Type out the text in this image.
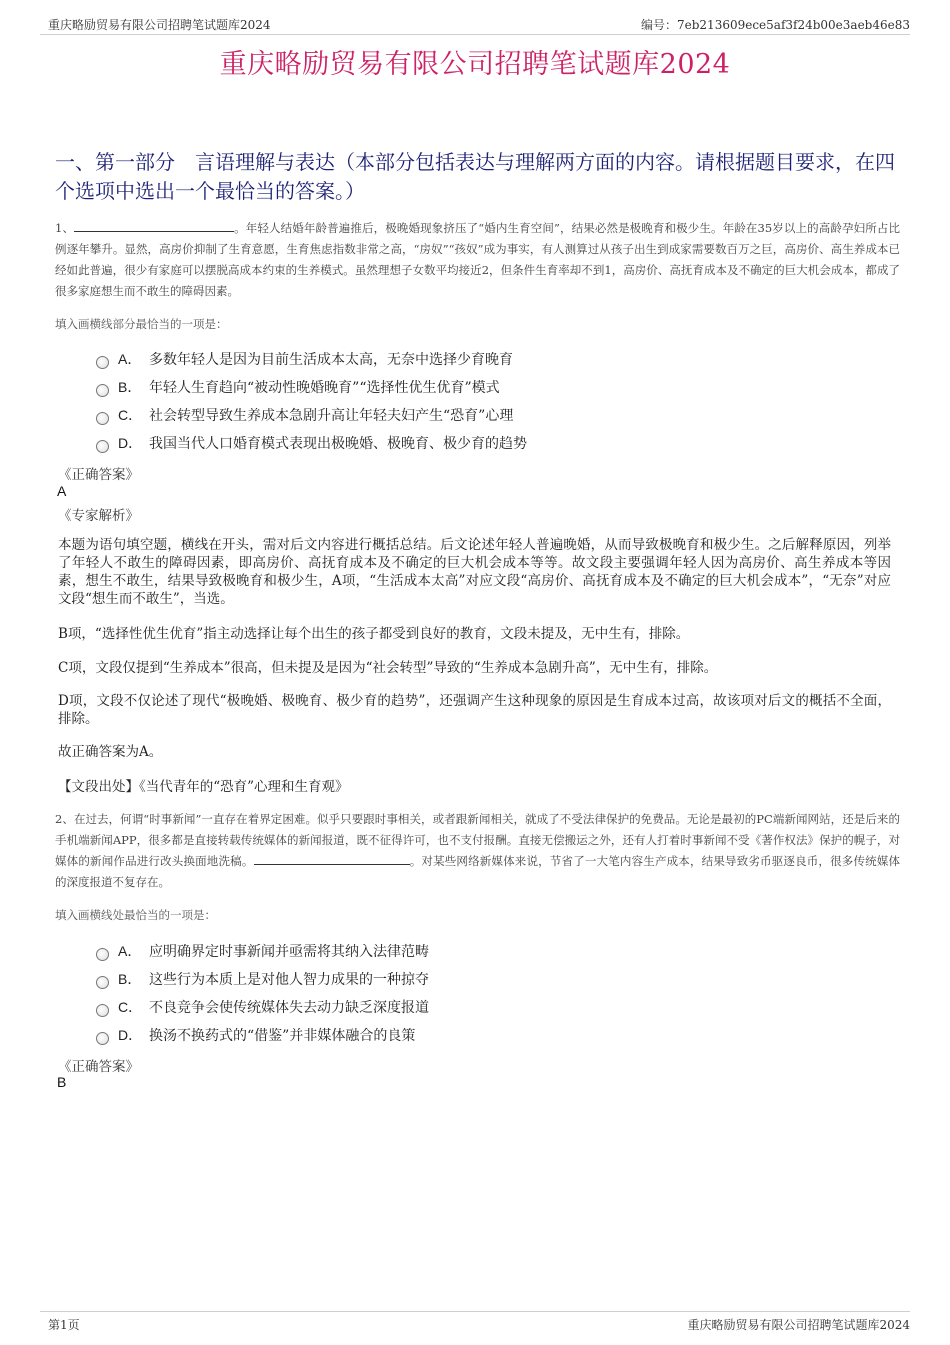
重庆略励贸易有限公司招聘笔试题库2024	编号：7eb213609ece5af3f24b00e3aeb46e83
重庆略励贸易有限公司招聘笔试题库2024
一、第一部分　言语理解与表达（本部分包括表达与理解两方面的内容。请根据题目要求，在四个选项中选出一个最恰当的答案。）
1、	。年轻人结婚年龄普遍推后，极晚婚现象挤压了“婚内生育空间”，结果必然是极晚育和极少生。年龄在35岁以上的高龄孕妇所占比例逐年攀升。显然，高房价抑制了生育意愿，生育焦虑指数非常之高，“房奴”“孩奴”成为事实，有人测算过从孩子出生到成家需要数百万之巨，高房价、高生养成本已经如此普遍，很少有家庭可以摆脱高成本约束的生养模式。虽然理想子女数平均接近2，但条件生育率却不到1，高房价、高抚育成本及不确定的巨大机会成本，都成了很多家庭想生而不敢生的障碍因素。
填入画横线部分最恰当的一项是：
A． 多数年轻人是因为目前生活成本太高，无奈中选择少育晚育
B． 年轻人生育趋向“被动性晚婚晚育”“选择性优生优育”模式
C． 社会转型导致生养成本急剧升高让年轻夫妇产生“恐育”心理
D． 我国当代人口婚育模式表现出极晚婚、极晚育、极少育的趋势
《正确答案》
A
《专家解析》
本题为语句填空题，横线在开头，需对后文内容进行概括总结。后文论述年轻人普遍晚婚，从而导致极晚育和极少生。之后解释原因，列举了年轻人不敢生的障碍因素，即高房价、高抚育成本及不确定的巨大机会成本等等。故文段主要强调年轻人因为高房价、高生养成本等因素，想生不敢生，结果导致极晚育和极少生，A项，“生活成本太高”对应文段“高房价、高抚育成本及不确定的巨大机会成本”，“无奈”对应文段“想生而不敢生”，当选。
B项，“选择性优生优育”指主动选择让每个出生的孩子都受到良好的教育，文段未提及，无中生有，排除。
C项，文段仅提到“生养成本”很高，但未提及是因为“社会转型”导致的“生养成本急剧升高”，无中生有，排除。
D项，文段不仅论述了现代“极晚婚、极晚育、极少育的趋势”，还强调产生这种现象的原因是生育成本过高，故该项对后文的概括不全面，排除。
故正确答案为A。
【文段出处】《当代青年的“恐育”心理和生育观》
2、在过去，何谓“时事新闻”一直存在着界定困难。似乎只要跟时事相关，或者跟新闻相关，就成了不受法律保护的免费品。无论是最初的PC端新闻网站，还是后来的手机端新闻APP，很多都是直接转载传统媒体的新闻报道，既不征得许可，也不支付报酬。直接无偿搬运之外，还有人打着时事新闻不受《著作权法》保护的幌子，对媒体的新闻作品进行改头换面地洗稿。	。对某些网络新媒体来说，节省了一大笔内容生产成本，结果导致劣币驱逐良币，很多传统媒体的深度报道不复存在。
填入画横线处最恰当的一项是：
A． 应明确界定时事新闻并亟需将其纳入法律范畴
B． 这些行为本质上是对他人智力成果的一种掠夺
C． 不良竞争会使传统媒体失去动力缺乏深度报道
D． 换汤不换药式的“借鉴”并非媒体融合的良策
《正确答案》
B
第1页	重庆略励贸易有限公司招聘笔试题库2024
